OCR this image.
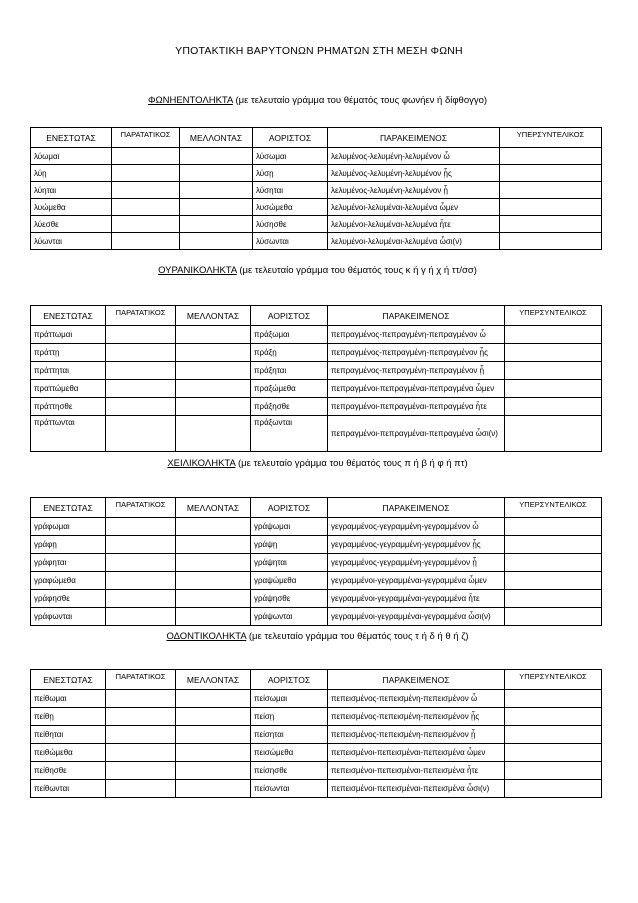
ΥΠΟΤΑΚΤΙΚΗ ΒΑΡΥΤΟΝΩΝ ΡΗΜΑΤΩΝ ΣΤΗ ΜΕΣΗ ΦΩΝΗ
ΦΩΝΗΕΝΤΟΛΗΚΤΑ (με τελευταίο γράμμα του θέματός τους φωνήεν ή δίφθογγο)
ΕΝΕΣΤΩΤΑΣ	ΠΑΡΑΤΑΤΙΚΟΣ	ΜΕΛΛΟΝΤΑΣ	ΑΟΡΙΣΤΟΣ	ΠΑΡΑΚΕΙΜΕΝΟΣ	ΥΠΕΡΣΥΝΤΕΛΙΚΟΣ
λύωμαι			λύσωμαι	λελυμένος-λελυμένη-λελυμένον ὦ	
λύῃ			λύσῃ	λελυμένος-λελυμένη-λελυμένον ᾖς	
λύηται			λύσηται	λελυμένος-λελυμένη-λελυμένον ᾖ	
λυώμεθα			λυσώμεθα	λελυμένοι-λελυμέναι-λελυμένα ὦμεν	
λύεσθε			λύσησθε	λελυμένοι-λελυμέναι-λελυμένα ἦτε	
λύωνται			λύσωνται	λελυμένοι-λελυμέναι-λελυμένα ὦσι(ν)	
ΟΥΡΑΝΙΚΟΛΗΚΤΑ (με τελευταίο γράμμα του θέματός τους κ ή γ ή χ ή ττ/σσ)
ΕΝΕΣΤΩΤΑΣ	ΠΑΡΑΤΑΤΙΚΟΣ	ΜΕΛΛΟΝΤΑΣ	ΑΟΡΙΣΤΟΣ	ΠΑΡΑΚΕΙΜΕΝΟΣ	ΥΠΕΡΣΥΝΤΕΛΙΚΟΣ
πράττωμαι			πράξωμαι	πεπραγμένος-πεπραγμένη-πεπραγμένον ὦ	
πράττῃ			πράξῃ	πεπραγμένος-πεπραγμένη-πεπραγμένον ᾖς	
πράττηται			πράξηται	πεπραγμένος-πεπραγμένη-πεπραγμένον ᾖ	
πραττώμεθα			πραξώμεθα	πεπραγμένοι-πεπραγμέναι-πεπραγμένα ὦμεν	
πράττησθε			πράξησθε	πεπραγμένοι-πεπραγμέναι-πεπραγμένα ἦτε	
πράττωνται			πράξωνται	πεπραγμένοι-πεπραγμέναι-πεπραγμένα ὦσι(ν)	
ΧΕΙΛΙΚΟΛΗΚΤΑ (με τελευταίο γράμμα του θέματός τους π ή β ή φ ή πτ)
ΕΝΕΣΤΩΤΑΣ	ΠΑΡΑΤΑΤΙΚΟΣ	ΜΕΛΛΟΝΤΑΣ	ΑΟΡΙΣΤΟΣ	ΠΑΡΑΚΕΙΜΕΝΟΣ	ΥΠΕΡΣΥΝΤΕΛΙΚΟΣ
γράφωμαι			γράψωμαι	γεγραμμένος-γεγραμμένη-γεγραμμένον ὦ	
γράφῃ			γράψῃ	γεγραμμένος-γεγραμμένη-γεγραμμένον ᾖς	
γράφηται			γράψηται	γεγραμμένος-γεγραμμένη-γεγραμμένον ᾖ	
γραφώμεθα			γραψώμεθα	γεγραμμένοι-γεγραμμέναι-γεγραμμένα ὦμεν	
γράφησθε			γράψησθε	γεγραμμένοι-γεγραμμέναι-γεγραμμένα ἦτε	
γράφωνται			γράψωνται	γεγραμμένοι-γεγραμμέναι-γεγραμμένα ὦσι(ν)	
ΟΔΟΝΤΙΚΟΛΗΚΤΑ (με τελευταίο γράμμα του θέματός τους τ ή δ ή θ ή ζ)
ΕΝΕΣΤΩΤΑΣ	ΠΑΡΑΤΑΤΙΚΟΣ	ΜΕΛΛΟΝΤΑΣ	ΑΟΡΙΣΤΟΣ	ΠΑΡΑΚΕΙΜΕΝΟΣ	ΥΠΕΡΣΥΝΤΕΛΙΚΟΣ
πείθωμαι			πείσωμαι	πεπεισμένος-πεπεισμένη-πεπεισμένον ὦ	
πείθῃ			πείσῃ	πεπεισμένος-πεπεισμένη-πεπεισμένον ᾖς	
πείθηται			πείσηται	πεπεισμένος-πεπεισμένη-πεπεισμένον ᾖ	
πειθώμεθα			πεισώμεθα	πεπεισμένοι-πεπεισμέναι-πεπεισμένα ὦμεν	
πείθησθε			πείσησθε	πεπεισμένοι-πεπεισμέναι-πεπεισμένα ἦτε	
πείθωνται			πείσωνται	πεπεισμένοι-πεπεισμέναι-πεπεισμένα ὦσι(ν)	
